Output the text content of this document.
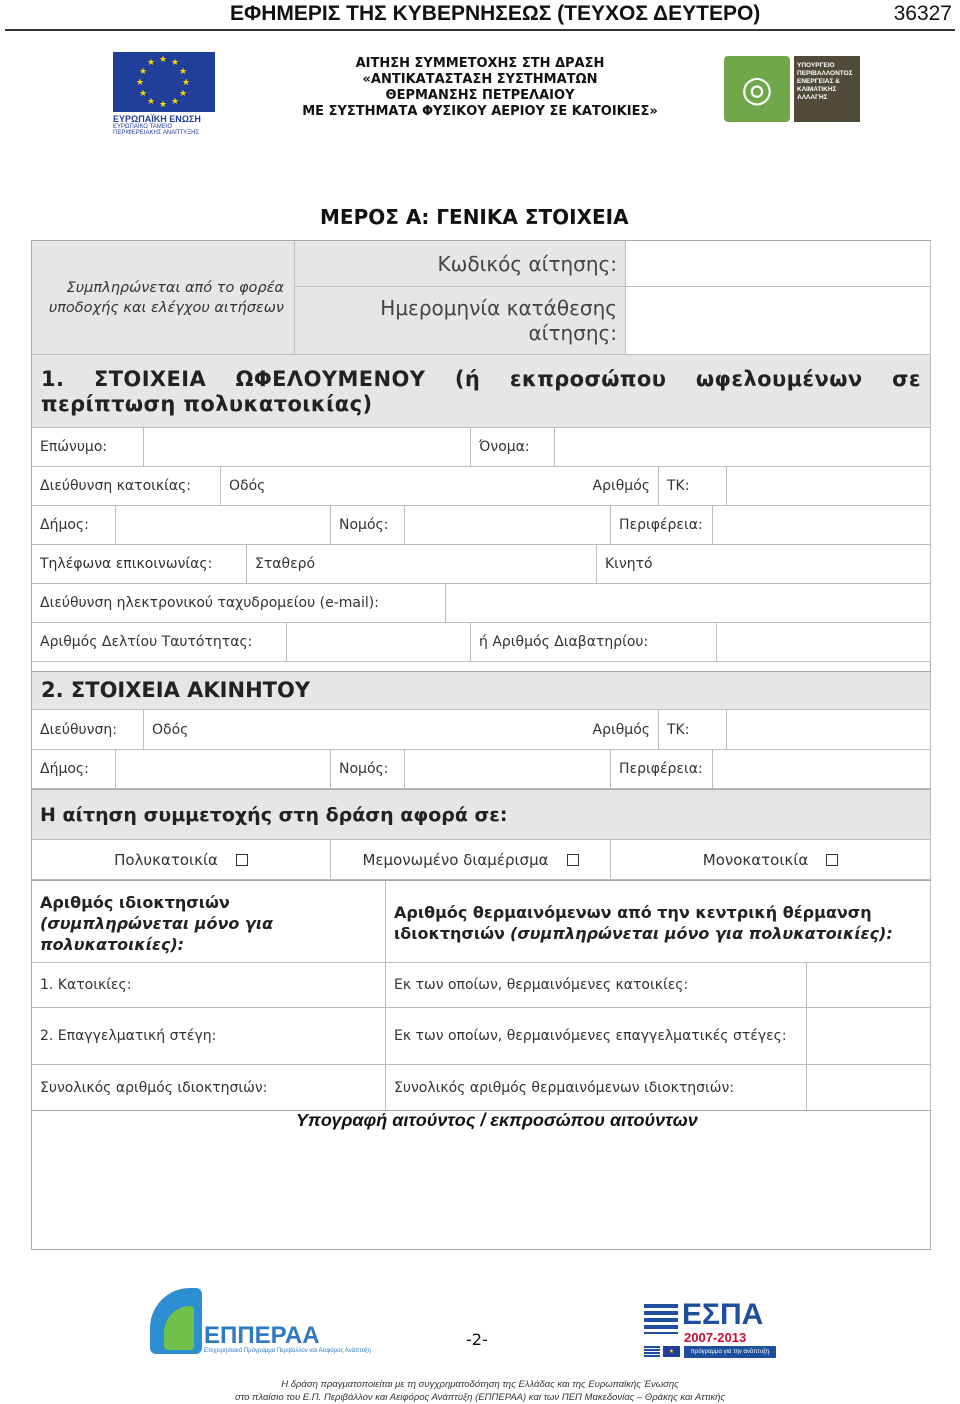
ΕΦΗΜΕΡΙΣ ΤΗΣ ΚΥΒΕΡΝΗΣΕΩΣ (ΤΕΥΧΟΣ ΔΕΥΤΕΡΟ)	36327
★ ★
★
★
★
★
★
★
★
★
★
★
ΕΥΡΩΠΑΪΚΗ ΕΝΩΣΗ
ΕΥΡΩΠΑΪΚΟ ΤΑΜΕΙΟ
ΠΕΡΙΦΕΡΕΙΑΚΗΣ ΑΝΑΠΤΥΞΗΣ
ΑΙΤΗΣΗ ΣΥΜΜΕΤΟΧΗΣ ΣΤΗ ΔΡΑΣΗ
«ΑΝΤΙΚΑΤΑΣΤΑΣΗ ΣΥΣΤΗΜΑΤΩΝ
ΘΕΡΜΑΝΣΗΣ ΠΕΤΡΕΛΑΙΟΥ
ΜΕ ΣΥΣΤΗΜΑΤΑ ΦΥΣΙΚΟΥ ΑΕΡΙΟΥ ΣΕ ΚΑΤΟΙΚΙΕΣ»
◎
ΥΠΟΥΡΓΕΙΟ ΠΕΡΙΒΑΛΛΟΝΤΟΣ ΕΝΕΡΓΕΙΑΣ & ΚΛΙΜΑΤΙΚΗΣ ΑΛΛΑΓΗΣ
ΜΕΡΟΣ Α: ΓΕΝΙΚΑ ΣΤΟΙΧΕΙΑ
Συμπληρώνεται από το φορέα υποδοχής και ελέγχου αιτήσεων
Κωδικός αίτησης:
Ημερομηνία κατάθεσης αίτησης:
1. ΣΤΟΙΧΕΙΑ ΩΦΕΛΟΥΜΕΝΟΥ (ή εκπροσώπου ωφελουμένων σε περίπτωση πολυκατοικίας)
Επώνυμο:	Όνομα:
Διεύθυνση κατοικίας:	Οδός	Αριθμός	ΤΚ:
Δήμος:	Νομός:	Περιφέρεια:
Τηλέφωνα επικοινωνίας:	Σταθερό	Κινητό
Διεύθυνση ηλεκτρονικού ταχυδρομείου (e-mail):
Αριθμός Δελτίου Ταυτότητας:	ή Αριθμός Διαβατηρίου:
2. ΣΤΟΙΧΕΙΑ ΑΚΙΝΗΤΟΥ
Διεύθυνση:	Οδός	Αριθμός	ΤΚ:
Δήμος:	Νομός:	Περιφέρεια:
Η αίτηση συμμετοχής στη δράση αφορά σε:
Πολυκατοικία	Μεμονωμένο διαμέρισμα	Μονοκατοικία
Αριθμός ιδιοκτησιών
(συμπληρώνεται μόνο για πολυκατοικίες):
Αριθμός θερμαινόμενων από την κεντρική θέρμανση ιδιοκτησιών (συμπληρώνεται μόνο για πολυκατοικίες):
1. Κατοικίες:	Εκ των οποίων, θερμαινόμενες κατοικίες:
2. Επαγγελματική στέγη:	Εκ των οποίων, θερμαινόμενες επαγγελματικές στέγες:
Συνολικός αριθμός ιδιοκτησιών:	Συνολικός αριθμός θερμαινόμενων ιδιοκτησιών:
Υπογραφή αιτούντος / εκπροσώπου αιτούντων
ΕΠΠΕΡΑΑ
Επιχειρησιακό Πρόγραμμα Περιβάλλον και Αειφόρος Ανάπτυξη
-2-
ΕΣΠΑ
2007-2013
★	πρόγραμμα για την ανάπτυξη
Η δράση πραγματοποιείται με τη συγχρηματοδότηση της Ελλάδας και της Ευρωπαϊκής Ένωσης
στο πλαίσιο του Ε.Π. Περιβάλλον και Αειφόρος Ανάπτυξη (ΕΠΠΕΡΑΑ) και των ΠΕΠ Μακεδονίας – Θράκης και Αττικής
